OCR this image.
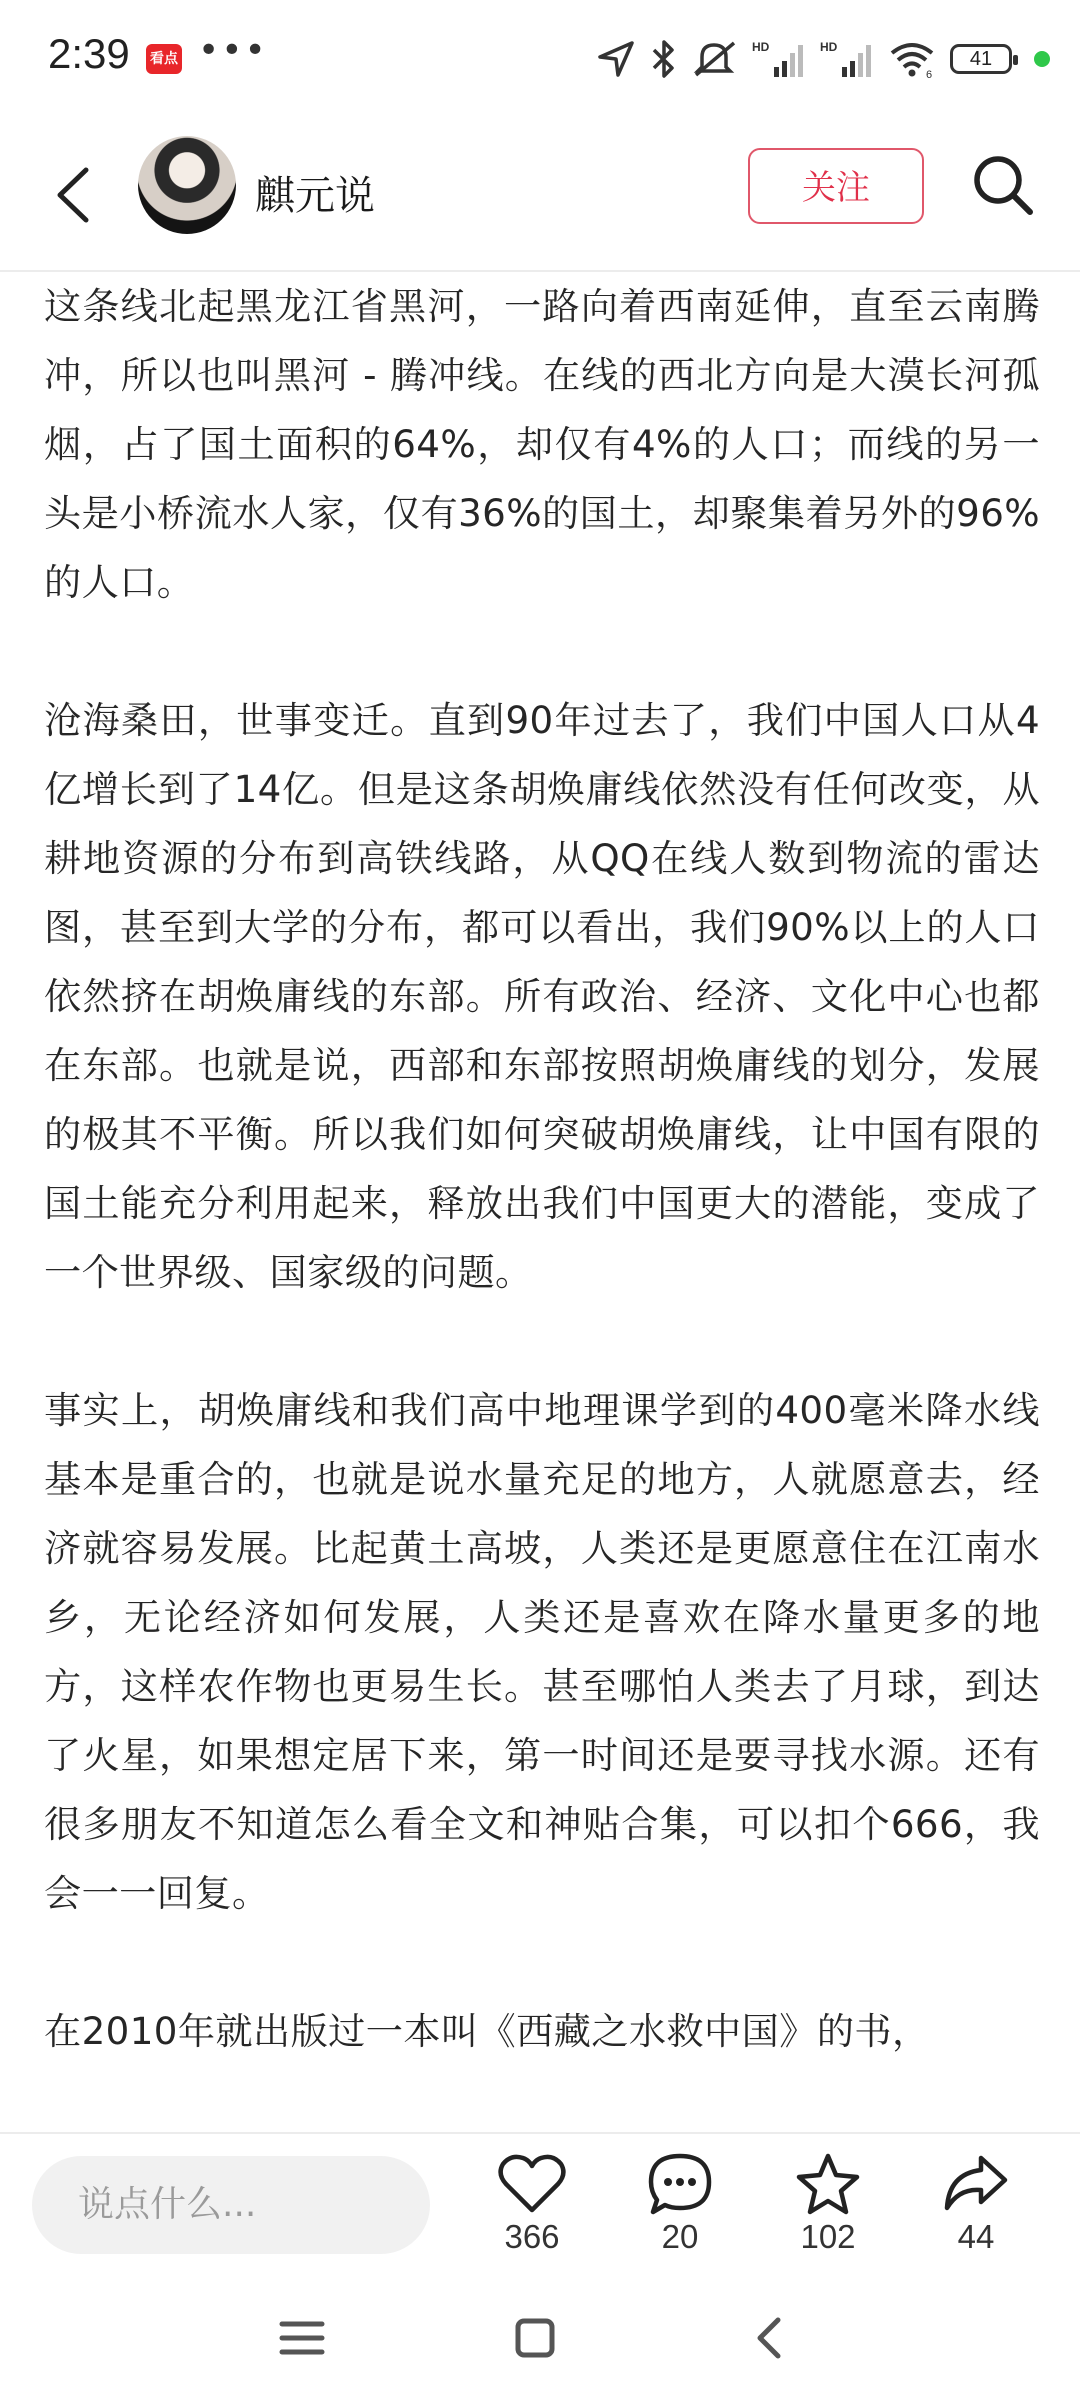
2:39 看点 •••	HD	HD
6
41
麒元说	关注

这条线北起黑龙江省黑河，一路向着西南延伸，直至云南腾冲，所以也叫黑河 - 腾冲线。在线的西北方向是大漠长河孤烟，占了国土面积的64%，却仅有4%的人口；而线的另一头是小桥流水人家，仅有36%的国土，却聚集着另外的96%的人口。

沧海桑田，世事变迁。直到90年过去了，我们中国人口从4亿增长到了14亿。但是这条胡焕庸线依然没有任何改变，从耕地资源的分布到高铁线路，从QQ在线人数到物流的雷达图，甚至到大学的分布，都可以看出，我们90%以上的人口依然挤在胡焕庸线的东部。所有政治、经济、文化中心也都在东部。也就是说，西部和东部按照胡焕庸线的划分，发展的极其不平衡。所以我们如何突破胡焕庸线，让中国有限的国土能充分利用起来，释放出我们中国更大的潜能，变成了一个世界级、国家级的问题。

事实上，胡焕庸线和我们高中地理课学到的400毫米降水线基本是重合的，也就是说水量充足的地方，人就愿意去，经济就容易发展。比起黄土高坡，人类还是更愿意住在江南水乡，无论经济如何发展，人类还是喜欢在降水量更多的地方，这样农作物也更易生长。甚至哪怕人类去了月球，到达了火星，如果想定居下来，第一时间还是要寻找水源。还有很多朋友不知道怎么看全文和神贴合集，可以扣个666，我会一一回复。

在2010年就出版过一本叫《西藏之水救中国》的书，

说点什么...
366	20	102	44
